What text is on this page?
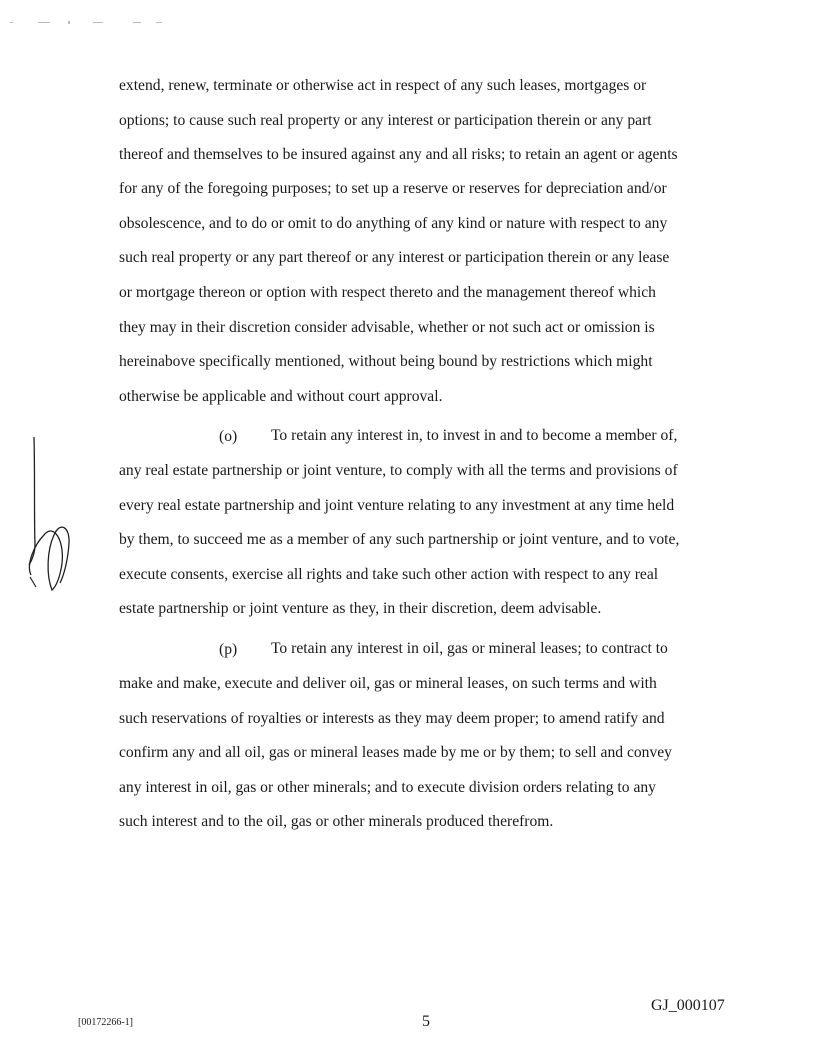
extend, renew, terminate or otherwise act in respect of any such leases, mortgages or
options; to cause such real property or any interest or participation therein or any part
thereof and themselves to be insured against any and all risks; to retain an agent or agents
for any of the foregoing purposes; to set up a reserve or reserves for depreciation and/or
obsolescence, and to do or omit to do anything of any kind or nature with respect to any
such real property or any part thereof or any interest or participation therein or any lease
or mortgage thereon or option with respect thereto and the management thereof which
they may in their discretion consider advisable, whether or not such act or omission is
hereinabove specifically mentioned, without being bound by restrictions which might
otherwise be applicable and without court approval.
(o) To retain any interest in, to invest in and to become a member of,
any real estate partnership or joint venture, to comply with all the terms and provisions of
every real estate partnership and joint venture relating to any investment at any time held
by them, to succeed me as a member of any such partnership or joint venture, and to vote,
execute consents, exercise all rights and take such other action with respect to any real
estate partnership or joint venture as they, in their discretion, deem advisable.
(p) To retain any interest in oil, gas or mineral leases; to contract to
make and make, execute and deliver oil, gas or mineral leases, on such terms and with
such reservations of royalties or interests as they may deem proper; to amend ratify and
confirm any and all oil, gas or mineral leases made by me or by them; to sell and convey
any interest in oil, gas or other minerals; and to execute division orders relating to any
such interest and to the oil, gas or other minerals produced therefrom.
[00172266-1]	5
GJ_000107
